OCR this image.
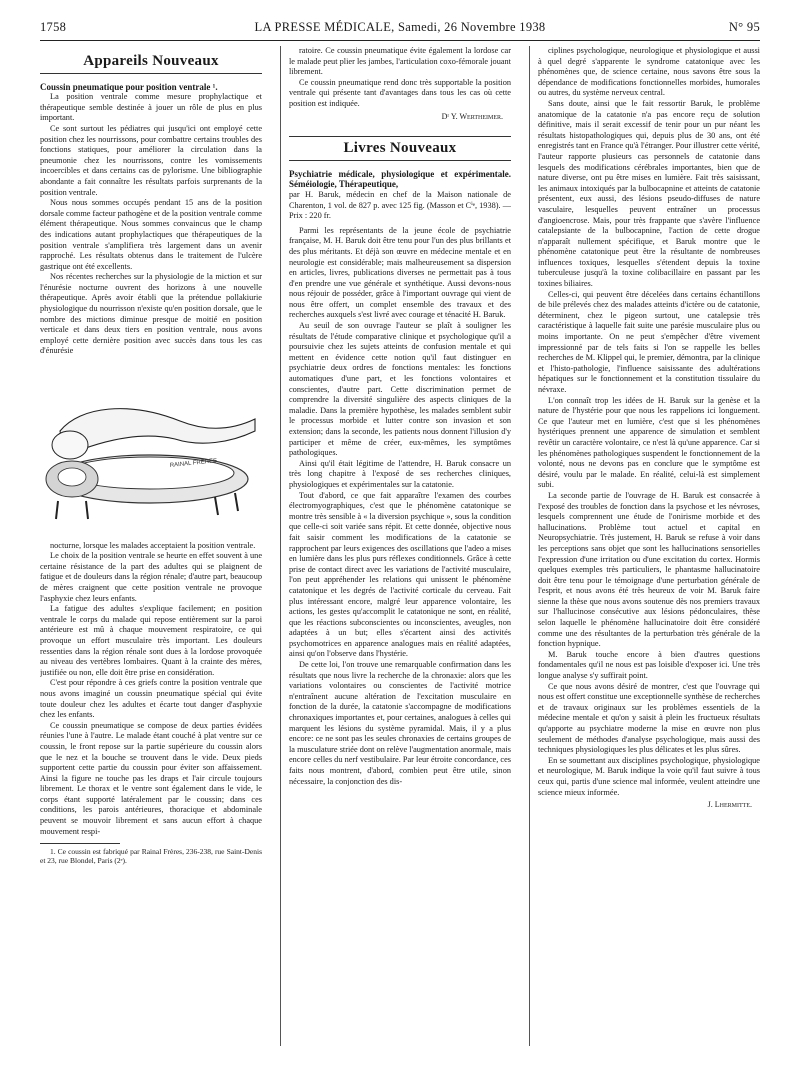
1758	LA PRESSE MÉDICALE, Samedi, 26 Novembre 1938	N° 95
Appareils Nouveaux

Coussin pneumatique pour position ventrale ¹.

La position ventrale comme mesure prophylactique et thérapeutique semble destinée à jouer un rôle de plus en plus important.

Ce sont surtout les pédiatres qui jusqu'ici ont employé cette position chez les nourrissons, pour combattre certains troubles des fonctions statiques, pour améliorer la circulation dans la pneumonie chez les nourrissons, contre les vomissements incoercibles et dans certains cas de pylorisme. Une bibliographie abondante a fait connaître les résultats parfois surprenants de la position ventrale.

Nous nous sommes occupés pendant 15 ans de la position dorsale comme facteur pathogène et de la position ventrale comme élément thérapeutique. Nous sommes convaincus que le champ des indications autant prophylactiques que thérapeutiques de la position ventrale s'amplifiera très largement dans un avenir rapproché. Les résultats obtenus dans le traitement de l'ulcère gastrique ont été excellents.

Nos récentes recherches sur la physiologie de la miction et sur l'énurésie nocturne ouvrent des horizons à une nouvelle thérapeutique. Après avoir établi que la prétendue pollakiurie physiologique du nourrisson n'existe qu'en position dorsale, que le nombre des mictions diminue presque de moitié en position verticale et dans deux tiers en position ventrale, nous avons employé cette dernière position avec succès dans tous les cas d'énurésie

RAINAL FRÈRES

nocturne, lorsque les malades acceptaient la position ventrale.

Le choix de la position ventrale se heurte en effet souvent à une certaine résistance de la part des adultes qui se plaignent de fatigue et de douleurs dans la région rénale; d'autre part, beaucoup de mères craignent que cette position ventrale ne provoque l'asphyxie chez leurs enfants.

La fatigue des adultes s'explique facilement; en position ventrale le corps du malade qui repose entièrement sur la paroi antérieure est mû à chaque mouvement respiratoire, ce qui provoque un effort musculaire très important. Les douleurs ressenties dans la région rénale sont dues à la lordose provoquée au niveau des vertèbres lombaires. Quant à la crainte des mères, justifiée ou non, elle doit être prise en considération.

C'est pour répondre à ces griefs contre la position ventrale que nous avons imaginé un coussin pneumatique spécial qui évite toute douleur chez les adultes et écarte tout danger d'asphyxie chez les enfants.

Ce coussin pneumatique se compose de deux parties évidées réunies l'une à l'autre. Le malade étant couché à plat ventre sur ce coussin, le front repose sur la partie supérieure du coussin alors que le nez et la bouche se trouvent dans le vide. Deux pieds supportent cette partie du coussin pour éviter son affaissement. Ainsi la figure ne touche pas les draps et l'air circule toujours librement. Le thorax et le ventre sont également dans le vide, le corps étant supporté latéralement par le coussin; dans ces conditions, les parois antérieures, thoracique et abdominale peuvent se mouvoir librement et sans aucun effort à chaque mouvement respi-

1. Ce coussin est fabriqué par Rainal Frères, 236-238, rue Saint-Denis et 23, rue Blondel, Paris (2ᵉ).

ratoire. Ce coussin pneumatique évite également la lordose car le malade peut plier les jambes, l'articulation coxo-fémorale jouant librement.

Ce coussin pneumatique rend donc très supportable la position ventrale qui présente tant d'avantages dans tous les cas où cette position est indiquée.

Dʳ Y. Wertheimer.

Livres Nouveaux

Psychiatrie médicale, physiologique et expérimentale. Séméiologie, Thérapeutique,

par H. Baruk, médecin en chef de la Maison nationale de Charenton, 1 vol. de 827 p. avec 125 fig. (Masson et Cⁱᵉ, 1938). — Prix : 220 fr.

Parmi les représentants de la jeune école de psychiatrie française, M. H. Baruk doit être tenu pour l'un des plus brillants et des plus méritants. Et déjà son œuvre en médecine mentale et en neurologie est considérable; mais malheureusement sa dispersion en articles, livres, publications diverses ne permettait pas à tous d'en prendre une vue générale et synthétique. Aussi devons-nous nous réjouir de posséder, grâce à l'important ouvrage qui vient de nous être offert, un complet ensemble des travaux et des recherches auxquels s'est livré avec courage et ténacité H. Baruk.

Au seuil de son ouvrage l'auteur se plaît à souligner les résultats de l'étude comparative clinique et psychologique qu'il a poursuivie chez les sujets atteints de confusion mentale et qui mettent en évidence cette notion qu'il faut distinguer en psychiatrie deux ordres de fonctions mentales: les fonctions automatiques d'une part, et les fonctions volontaires et conscientes, d'autre part. Cette discrimination permet de comprendre la diversité singulière des aspects cliniques de la maladie. Dans la première hypothèse, les malades semblent subir le processus morbide et lutter contre son invasion et son extension; dans la seconde, les patients nous donnent l'illusion d'y participer et même de créer, eux-mêmes, les symptômes pathologiques.

Ainsi qu'il était légitime de l'attendre, H. Baruk consacre un très long chapitre à l'exposé de ses recherches cliniques, physiologiques et expérimentales sur la catatonie.

Tout d'abord, ce que fait apparaître l'examen des courbes électromyographiques, c'est que le phénomène catatonique se montre très sensible à « la diversion psychique », sous la condition que celle-ci soit variée sans répit. Et cette donnée, objective nous fait saisir comment les modifications de la catatonie se rapprochent par leurs exigences des oscillations que l'adeo a mises en lumière dans les plus purs réflexes conditionnels. Grâce à cette prise de contact direct avec les variations de l'activité musculaire, l'on peut appréhender les relations qui unissent le phénomène catatonique et les degrés de l'activité corticale du cerveau. Fait plus intéressant encore, malgré leur apparence volontaire, les actions, les gestes qu'accomplit le catatonique ne sont, en réalité, que les réactions subconscientes ou inconscientes, aveugles, non adaptées à un but; elles s'écartent ainsi des activités psychomotrices en apparence analogues mais en réalité adaptées, ainsi qu'on l'observe dans l'hystérie.

De cette loi, l'on trouve une remarquable confirmation dans les résultats que nous livre la recherche de la chronaxie: alors que les variations volontaires ou conscientes de l'activité motrice n'entraînent aucune altération de l'excitation musculaire en fonction de la durée, la catatonie s'accompagne de modifications chronaxiques importantes et, pour certaines, analogues à celles qui marquent les lésions du système pyramidal. Mais, il y a plus encore: ce ne sont pas les seules chronaxies de certains groupes de la musculature striée dont on relève l'augmentation anormale, mais encore celles du nerf vestibulaire. Par leur étroite concordance, ces faits nous montrent, d'abord, combien peut être utile, sinon nécessaire, la conjonction des dis-

ciplines psychologique, neurologique et physiologique et aussi à quel degré s'apparente le syndrome catatonique avec les phénomènes que, de science certaine, nous savons être sous la dépendance de modifications fonctionnelles morbides, humorales ou autres, du système nerveux central.

Sans doute, ainsi que le fait ressortir Baruk, le problème anatomique de la catatonie n'a pas encore reçu de solution définitive, mais il serait excessif de tenir pour un pur néant les résultats histopathologiques qui, depuis plus de 30 ans, ont été enregistrés tant en France qu'à l'étranger. Pour illustrer cette vérité, l'auteur rapporte plusieurs cas personnels de catatonie dans lesquels des modifications cérébrales importantes, bien que de nature diverse, ont pu être mises en lumière. Fait très saisissant, les animaux intoxiqués par la bulbocapnine et atteints de catatonie présentent, eux aussi, des lésions pseudo-diffuses de nature vasculaire, lesquelles peuvent entraîner un processus d'angioencrose. Mais, pour très frappante que s'avère l'influence catalepsiante de la bulbocapnine, l'action de cette drogue n'apparaît nullement spécifique, et Baruk montre que le phénomène catatonique peut être la résultante de nombreuses influences toxiques, lesquelles s'étendent depuis la toxine tuberculeuse jusqu'à la toxine colibacillaire en passant par les toxines biliaires.

Celles-ci, qui peuvent être décelées dans certains échantillons de bile prélevés chez des malades atteints d'ictère ou de catatonie, déterminent, chez le pigeon surtout, une catalepsie très caractéristique à laquelle fait suite une parésie musculaire plus ou moins importante. On ne peut s'empêcher d'être vivement impressionné par de tels faits si l'on se rappelle les belles recherches de M. Klippel qui, le premier, démontra, par la clinique et l'histo-pathologie, l'influence saisissante des adultérations hépatiques sur le fonctionnement et la constitution tissulaire du névraxe.

L'on connaît trop les idées de H. Baruk sur la genèse et la nature de l'hystérie pour que nous les rappelions ici longuement. Ce que l'auteur met en lumière, c'est que si les phénomènes hystériques prennent une apparence de simulation et semblent revêtir un caractère volontaire, ce n'est là qu'une apparence. Car si les phénomènes pathologiques suspendent le fonctionnement de la volonté, nous ne devons pas en conclure que le symptôme est désiré, voulu par le malade. En réalité, celui-là est simplement subi.

La seconde partie de l'ouvrage de H. Baruk est consacrée à l'exposé des troubles de fonction dans la psychose et les névroses, lesquels comprennent une étude de l'onirisme morbide et des hallucinations. Problème tout actuel et capital en Neuropsychiatrie. Très justement, H. Baruk se refuse à voir dans les perceptions sans objet que sont les hallucinations sensorielles l'expression d'une irritation ou d'une excitation du cortex. Hormis quelques exemples très particuliers, le phantasme hallucinatoire doit être tenu pour le témoignage d'une perturbation générale de l'esprit, et nous avons été très heureux de voir M. Baruk faire sienne la thèse que nous avons soutenue dès nos premiers travaux sur l'hallucinose consécutive aux lésions pédonculaires, thèse selon laquelle le phénomène hallucinatoire doit être considéré comme une des résultantes de la perturbation très générale de la fonction hypnique.

M. Baruk touche encore à bien d'autres questions fondamentales qu'il ne nous est pas loisible d'exposer ici. Une très longue analyse s'y suffirait point.

Ce que nous avons désiré de montrer, c'est que l'ouvrage qui nous est offert constitue une exceptionnelle synthèse de recherches et de travaux originaux sur les problèmes essentiels de la médecine mentale et qu'on y saisit à plein les fructueux résultats qu'apporte au psychiatre moderne la mise en œuvre non plus seulement de méthodes d'analyse psychologique, mais aussi des techniques physiologiques les plus délicates et les plus sûres.

En se soumettant aux disciplines psychologique, physiologique et neurologique, M. Baruk indique la voie qu'il faut suivre à tous ceux qui, partis d'une science mal informée, veulent atteindre une science mieux informée.

J. Lhermitte.
